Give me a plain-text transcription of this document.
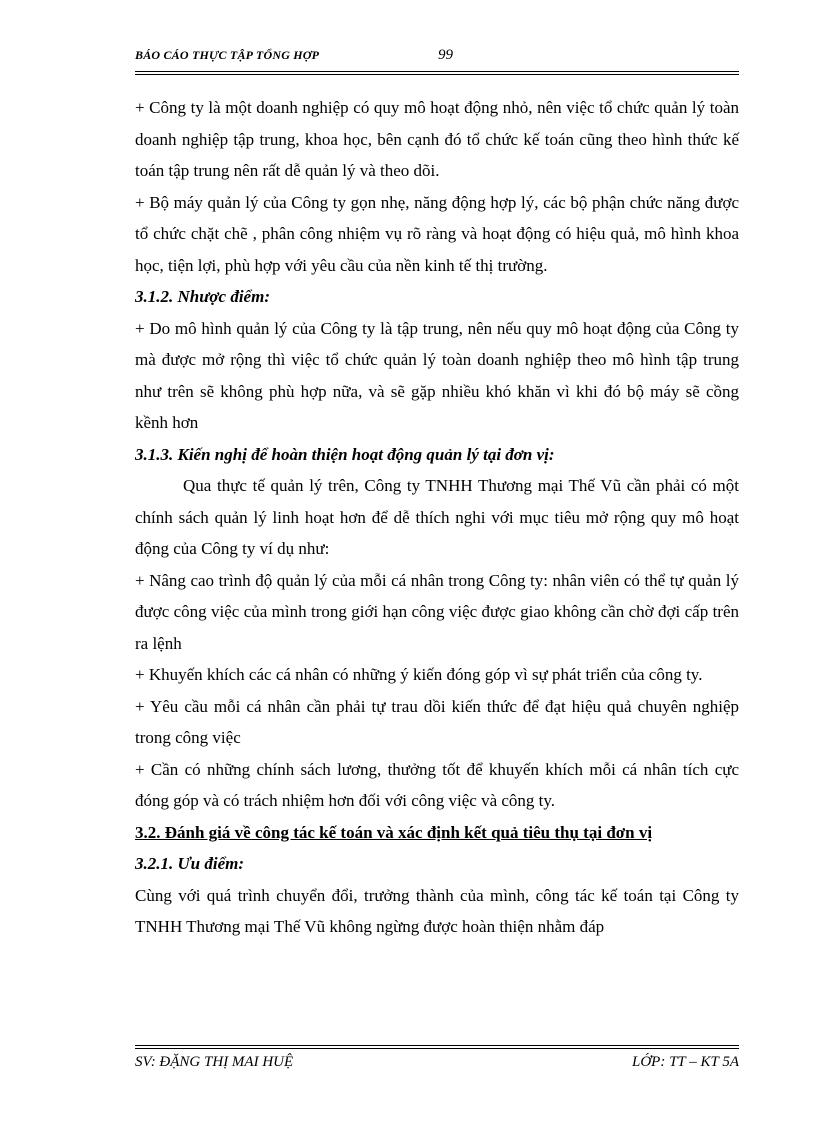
BÁO CÁO THỰC TẬP TỔNG HỢP	99

+ Công ty là một doanh nghiệp có quy mô hoạt động nhỏ, nên việc tổ chức quản lý toàn doanh nghiệp tập trung, khoa học, bên cạnh đó tổ chức kế toán cũng theo hình thức kế toán tập trung nên rất dễ quản lý và theo dõi.

+ Bộ máy quản lý của Công ty gọn nhẹ, năng động hợp lý, các bộ phận chức năng được tổ chức chặt chẽ , phân công nhiệm vụ rõ ràng và hoạt động có hiệu quả, mô hình khoa học, tiện lợi, phù hợp với yêu cầu của nền kinh tế thị trường.

3.1.2. Nhược điểm:

+ Do mô hình quản lý của Công ty là tập trung, nên nếu quy mô hoạt động của Công ty mà được mở rộng thì việc tổ chức quản lý toàn doanh nghiệp theo mô hình tập trung như trên sẽ không phù hợp nữa, và sẽ gặp nhiều khó khăn vì khi đó bộ máy sẽ cồng kềnh hơn

3.1.3. Kiến nghị để hoàn thiện hoạt động quản lý tại đơn vị:

Qua thực tế quản lý trên, Công ty TNHH Thương mại Thế Vũ cần phải có một chính sách quản lý linh hoạt hơn để dễ thích nghi với mục tiêu mở rộng quy mô hoạt động của Công ty ví dụ như:

+ Nâng cao trình độ quản lý của mỗi cá nhân trong Công ty: nhân viên có thể tự quản lý được công việc của mình trong giới hạn công việc được giao không cần chờ đợi cấp trên ra lệnh

+ Khuyến khích các cá nhân có những ý kiến đóng góp vì sự phát triển của công ty.

+ Yêu cầu mỗi cá nhân cần phải tự trau dồi kiến thức để đạt hiệu quả chuyên nghiệp trong công việc

+ Cần có những chính sách lương, thưởng tốt để khuyến khích mỗi cá nhân tích cực đóng góp và có trách nhiệm hơn đối với công việc và công ty.

3.2. Đánh giá về công tác kế toán và xác định kết quả tiêu thụ tại đơn vị

3.2.1. Ưu điểm:

Cùng với quá trình chuyển đổi, trưởng thành của mình, công tác kế toán tại Công ty TNHH Thương mại Thế Vũ không ngừng được hoàn thiện nhằm đáp

SV: ĐẶNG THỊ MAI HUỆ	LỚP: TT – KT 5A
